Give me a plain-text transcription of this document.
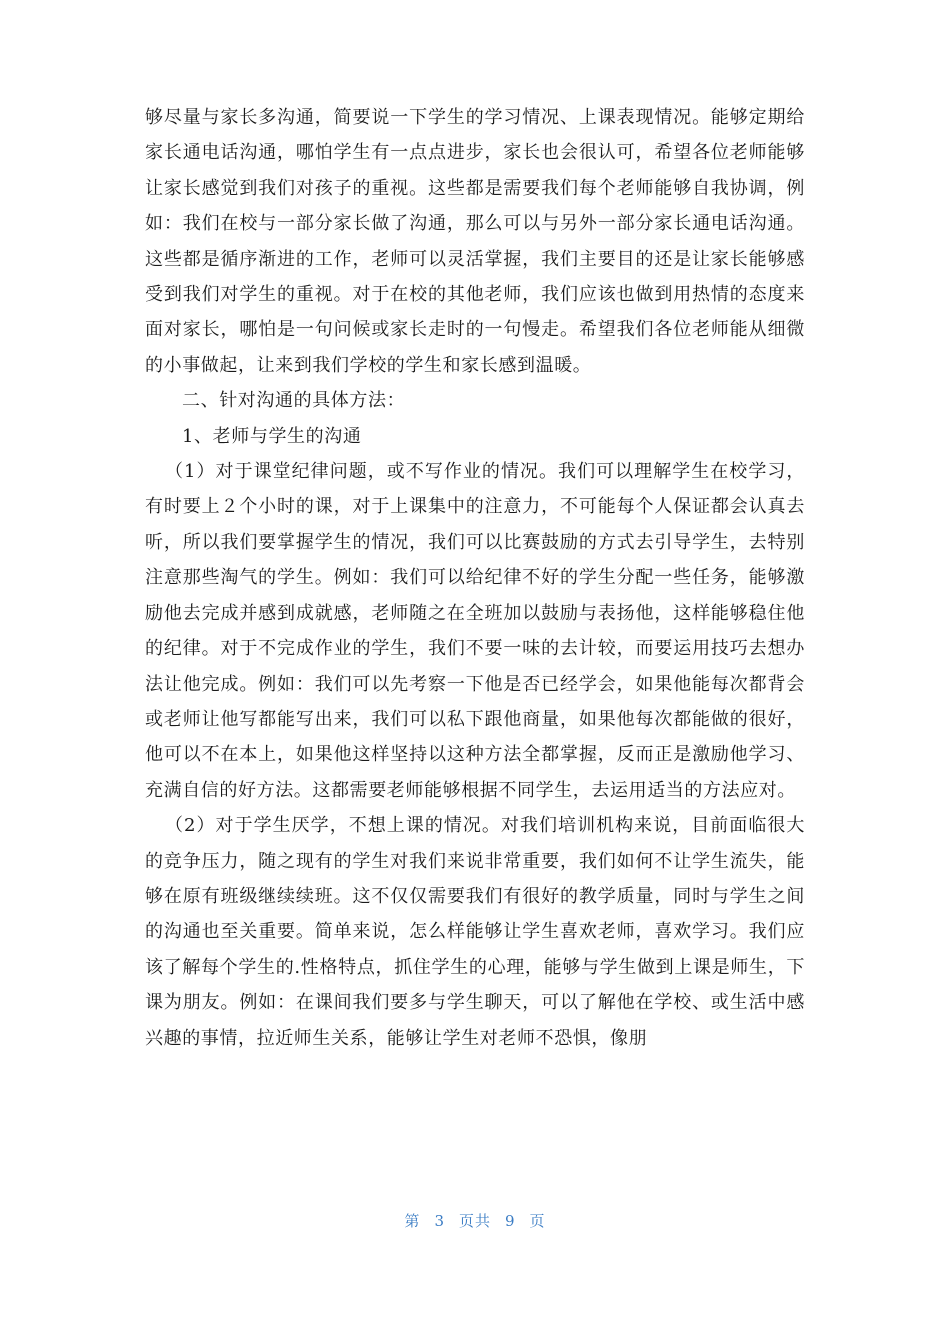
够尽量与家长多沟通，简要说一下学生的学习情况、上课表现情况。能够定期给家长通电话沟通，哪怕学生有一点点进步，家长也会很认可，希望各位老师能够让家长感觉到我们对孩子的重视。这些都是需要我们每个老师能够自我协调，例如：我们在校与一部分家长做了沟通，那么可以与另外一部分家长通电话沟通。这些都是循序渐进的工作，老师可以灵活掌握，我们主要目的还是让家长能够感受到我们对学生的重视。对于在校的其他老师，我们应该也做到用热情的态度来面对家长，哪怕是一句问候或家长走时的一句慢走。希望我们各位老师能从细微的小事做起，让来到我们学校的学生和家长感到温暖。

二、针对沟通的具体方法：

1、老师与学生的沟通

（1）对于课堂纪律问题，或不写作业的情况。我们可以理解学生在校学习，有时要上２个小时的课，对于上课集中的注意力，不可能每个人保证都会认真去听，所以我们要掌握学生的情况，我们可以比赛鼓励的方式去引导学生，去特别注意那些淘气的学生。例如：我们可以给纪律不好的学生分配一些任务，能够激励他去完成并感到成就感，老师随之在全班加以鼓励与表扬他，这样能够稳住他的纪律。对于不完成作业的学生，我们不要一味的去计较，而要运用技巧去想办法让他完成。例如：我们可以先考察一下他是否已经学会，如果他能每次都背会或老师让他写都能写出来，我们可以私下跟他商量，如果他每次都能做的很好，他可以不在本上，如果他这样坚持以这种方法全都掌握，反而正是激励他学习、充满自信的好方法。这都需要老师能够根据不同学生，去运用适当的方法应对。

（2）对于学生厌学，不想上课的情况。对我们培训机构来说，目前面临很大的竞争压力，随之现有的学生对我们来说非常重要，我们如何不让学生流失，能够在原有班级继续续班。这不仅仅需要我们有很好的教学质量，同时与学生之间的沟通也至关重要。简单来说，怎么样能够让学生喜欢老师，喜欢学习。我们应该了解每个学生的.性格特点，抓住学生的心理，能够与学生做到上课是师生，下课为朋友。例如：在课间我们要多与学生聊天，可以了解他在学校、或生活中感兴趣的事情，拉近师生关系，能够让学生对老师不恐惧，像朋

第 3 页共 9 页
